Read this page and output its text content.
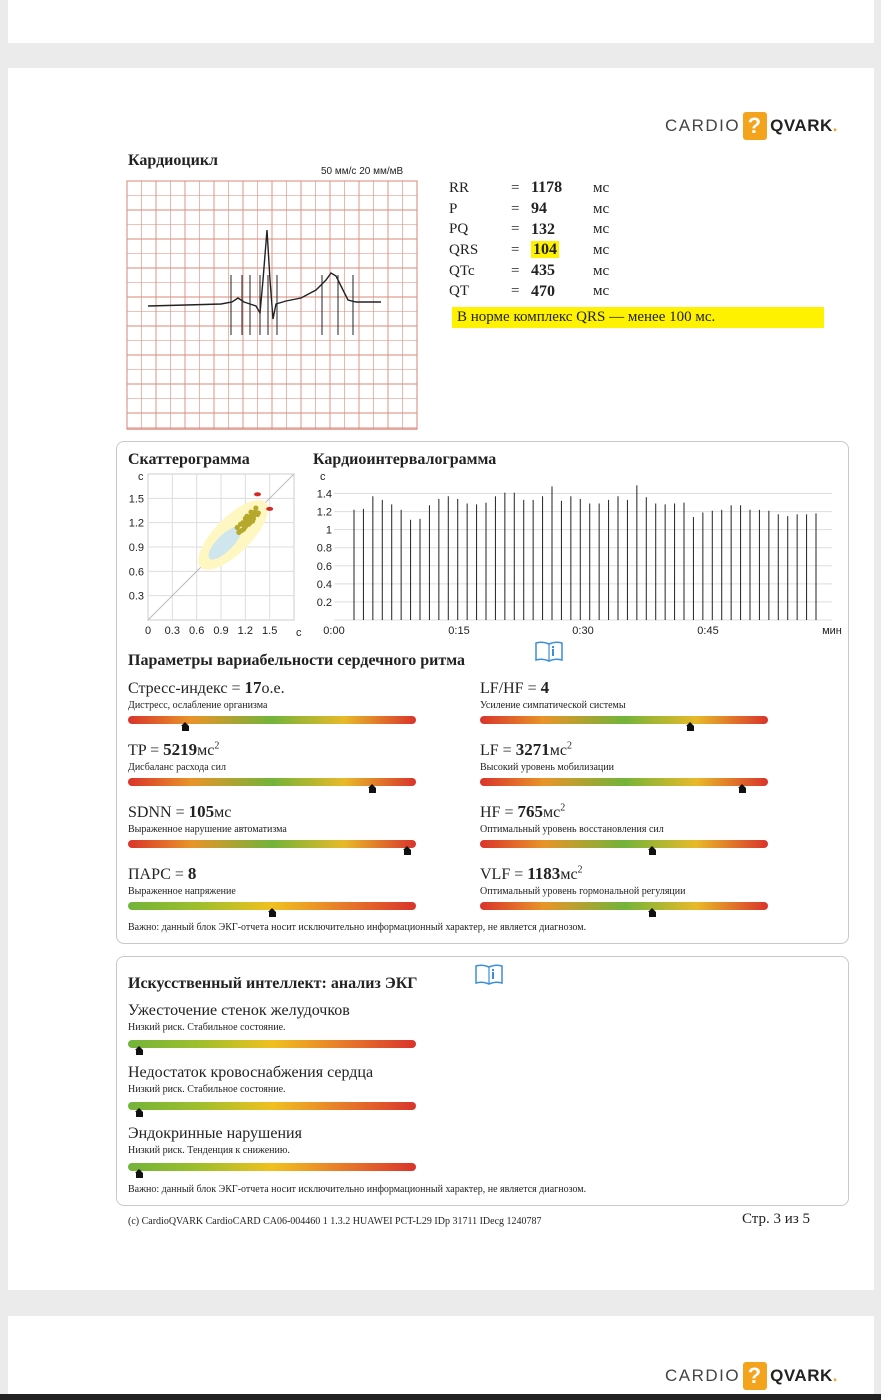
CARDIO ? QVARK .
Кардиоцикл
50 мм/с 20 мм/мВ
RR	= 1178	мс
P	= 94	мс
PQ	= 132	мс
QRS	= 104	мс
QTc	= 435	мс
QT	= 470	мс
В норме комплекс QRS — менее 100 мс.
Скаттерограмма	Кардиоинтервалограмма
1.5
1.2
0.9
0.6
0.3
0 0.3 0.6 0.9 1.2 1.5
с
с
1.4
1.2
1
0.8
0.6
0.4
0.2
0:00	0:15	0:30	0:45
с
мин
Параметры вариабельности сердечного ритма
Стресс-индекс = 17о.е.
Дистресс, ослабление организма
LF/HF = 4
Усиление симпатической системы
TP = $5219мс^2$
Дисбаланс расхода сил
LF = $3271мс^2$
Высокий уровень мобилизации
SDNN = 105мс
Выраженное нарушение автоматизма
HF = $765мс^2$
Оптимальный уровень восстановления сил
ПАРС = 8
Выраженное напряжение
VLF = $1183мс^2$
Оптимальный уровень гормональной регуляции
Важно: данный блок ЭКГ-отчета носит исключительно информационный характер, не является диагнозом.
Искусственный интеллект: анализ ЭКГ
Ужесточение стенок желудочков
Низкий риск. Стабильное состояние.
Недостаток кровоснабжения сердца
Низкий риск. Стабильное состояние.
Эндокринные нарушения
Низкий риск. Тенденция к снижению.
Важно: данный блок ЭКГ-отчета носит исключительно информационный характер, не является диагнозом.
(c) CardioQVARK CardioCARD CA06-004460 1 1.3.2 HUAWEI PCT-L29 IDp 31711 IDecg 1240787	Стр. 3 из 5
CARDIO ? QVARK .
